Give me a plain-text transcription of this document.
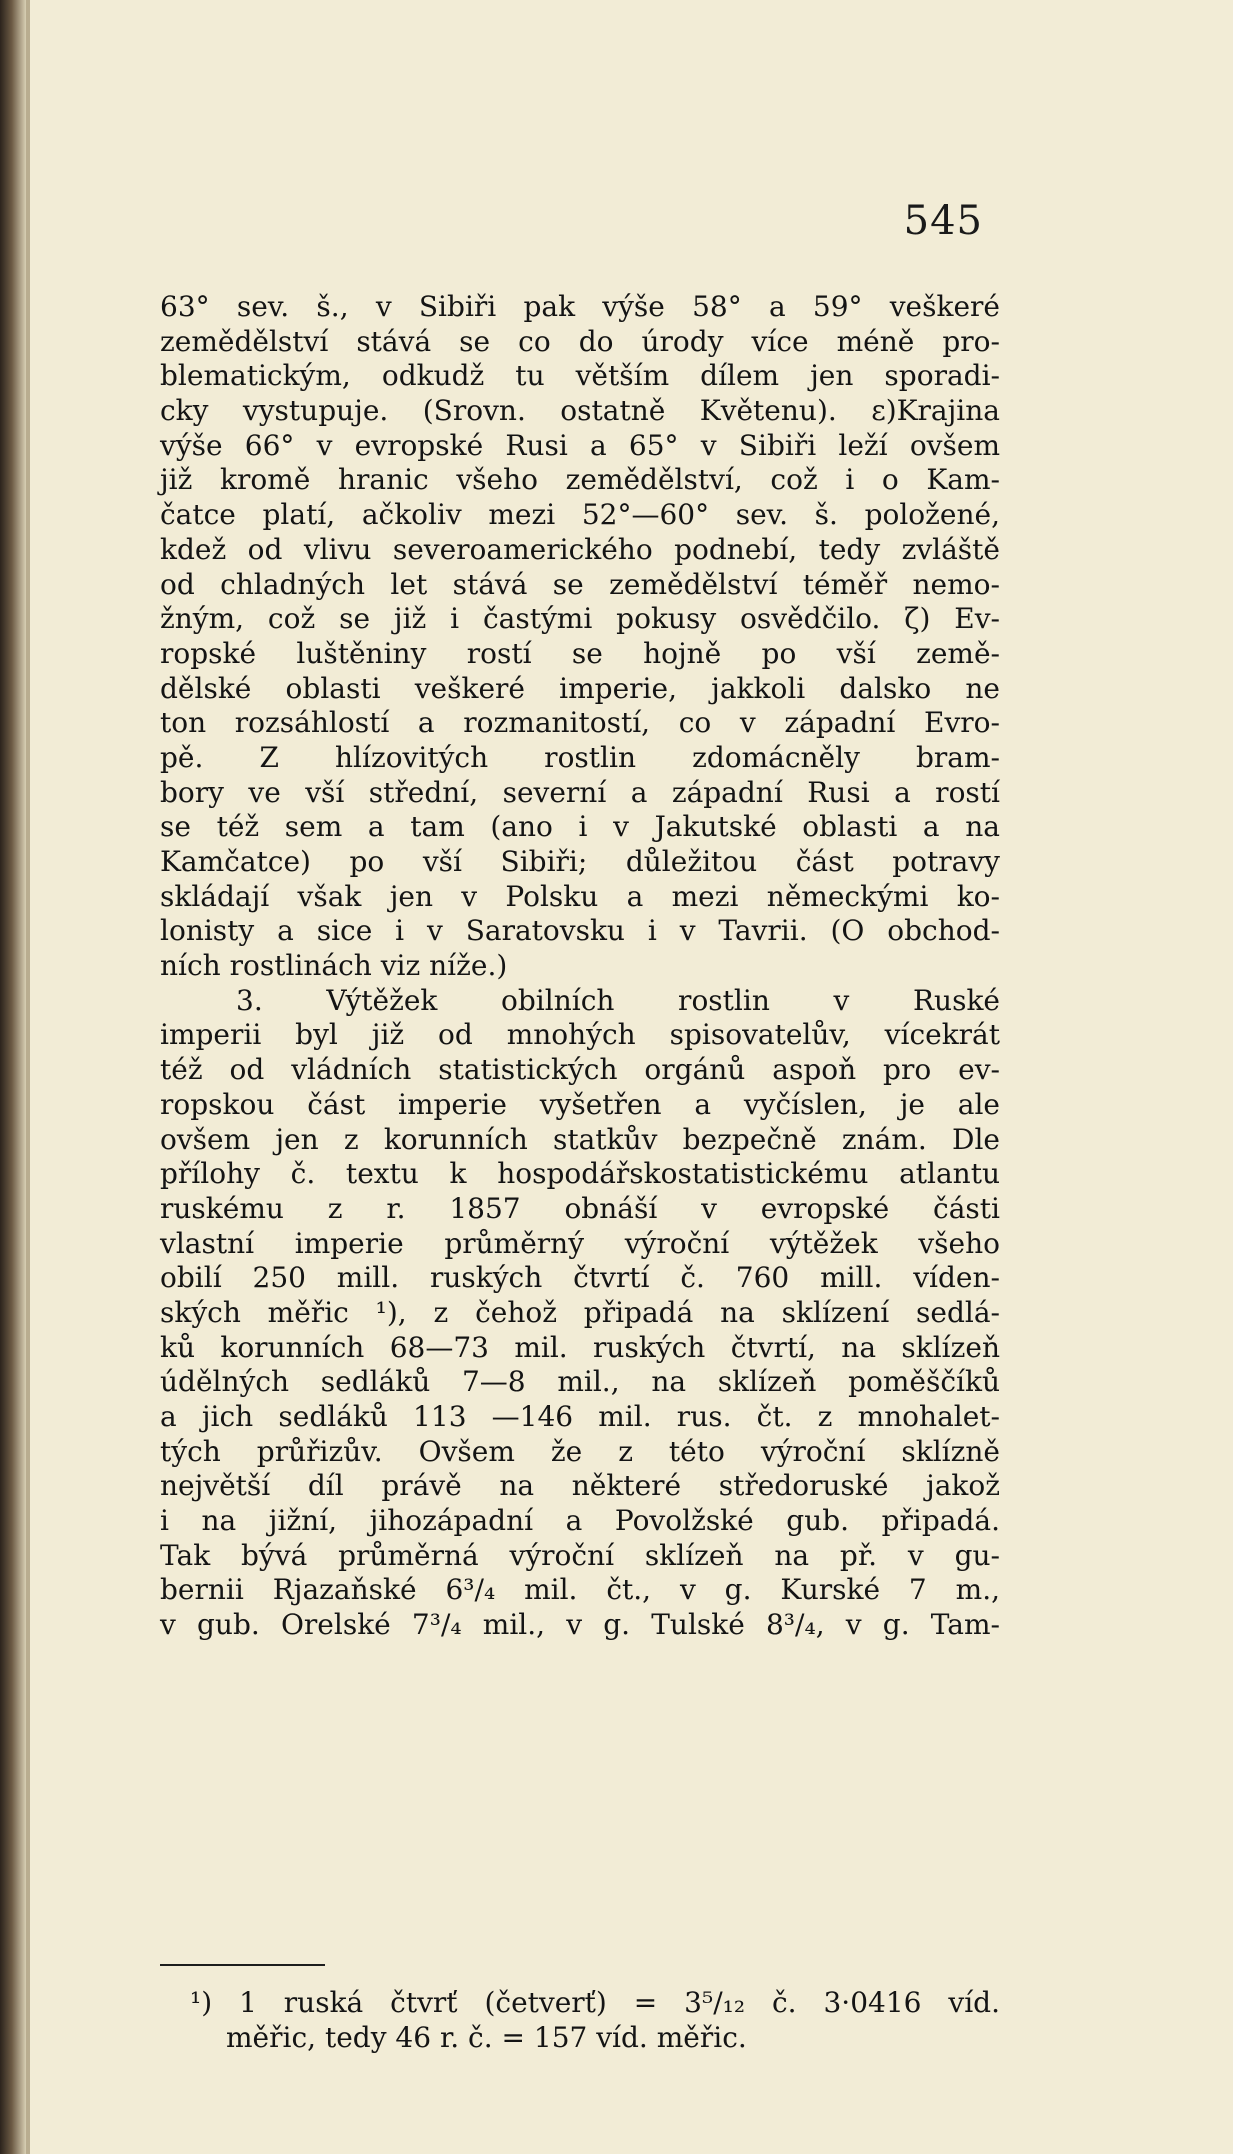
545
63° sev. š., v Sibiři pak výše 58° a 59° veškeré
zemědělství stává se co do úrody více méně pro-
blematickým, odkudž tu větším dílem jen sporadi-
cky vystupuje. (Srovn. ostatně Květenu). ε)Krajina
výše 66° v evropské Rusi a 65° v Sibiři leží ovšem
již kromě hranic všeho zemědělství, což i o Kam-
čatce platí, ačkoliv mezi 52°—60° sev. š. položené,
kdež od vlivu severoamerického podnebí, tedy zvláště
od chladných let stává se zemědělství téměř nemo-
žným, což se již i častými pokusy osvědčilo. ζ) Ev-
ropské luštěniny rostí se hojně po vší země-
dělské oblasti veškeré imperie, jakkoli dalsko ne
ton rozsáhlostí a rozmanitostí, co v západní Evro-
pě. Z hlízovitých rostlin zdomácněly bram-
bory ve vší střední, severní a západní Rusi a rostí
se též sem a tam (ano i v Jakutské oblasti a na
Kamčatce) po vší Sibiři; důležitou část potravy
skládají však jen v Polsku a mezi německými ko-
lonisty a sice i v Saratovsku i v Tavrii. (O obchod-
ních rostlinách viz níže.)
3. Výtěžek obilních rostlin v Ruské
imperii byl již od mnohých spisovatelův, vícekrát
též od vládních statistických orgánů aspoň pro ev-
ropskou část imperie vyšetřen a vyčíslen, je ale
ovšem jen z korunních statkův bezpečně znám. Dle
přílohy č. textu k hospodářskostatistickému atlantu
ruskému z r. 1857 obnáší v evropské části
vlastní imperie průměrný výroční výtěžek všeho
obilí 250 mill. ruských čtvrtí č. 760 mill. víden-
ských měřic ¹), z čehož připadá na sklízení sedlá-
ků korunních 68—73 mil. ruských čtvrtí, na sklízeň
údělných sedláků 7—8 mil., na sklízeň poměščíků
a jich sedláků 113 —146 mil. rus. čt. z mnohalet-
tých průřizův. Ovšem že z této výroční sklízně
největší díl právě na některé středoruské jakož
i na jižní, jihozápadní a Povolžské gub. připadá.
Tak bývá průměrná výroční sklízeň na př. v gu-
bernii Rjazaňské 6³/₄ mil. čt., v g. Kurské 7 m.,
v gub. Orelské 7³/₄ mil., v g. Tulské 8³/₄, v g. Tam-
¹) 1 ruská čtvrť (četverť) = 3⁵/₁₂ č. 3·0416 víd.
měřic, tedy 46 r. č. = 157 víd. měřic.
